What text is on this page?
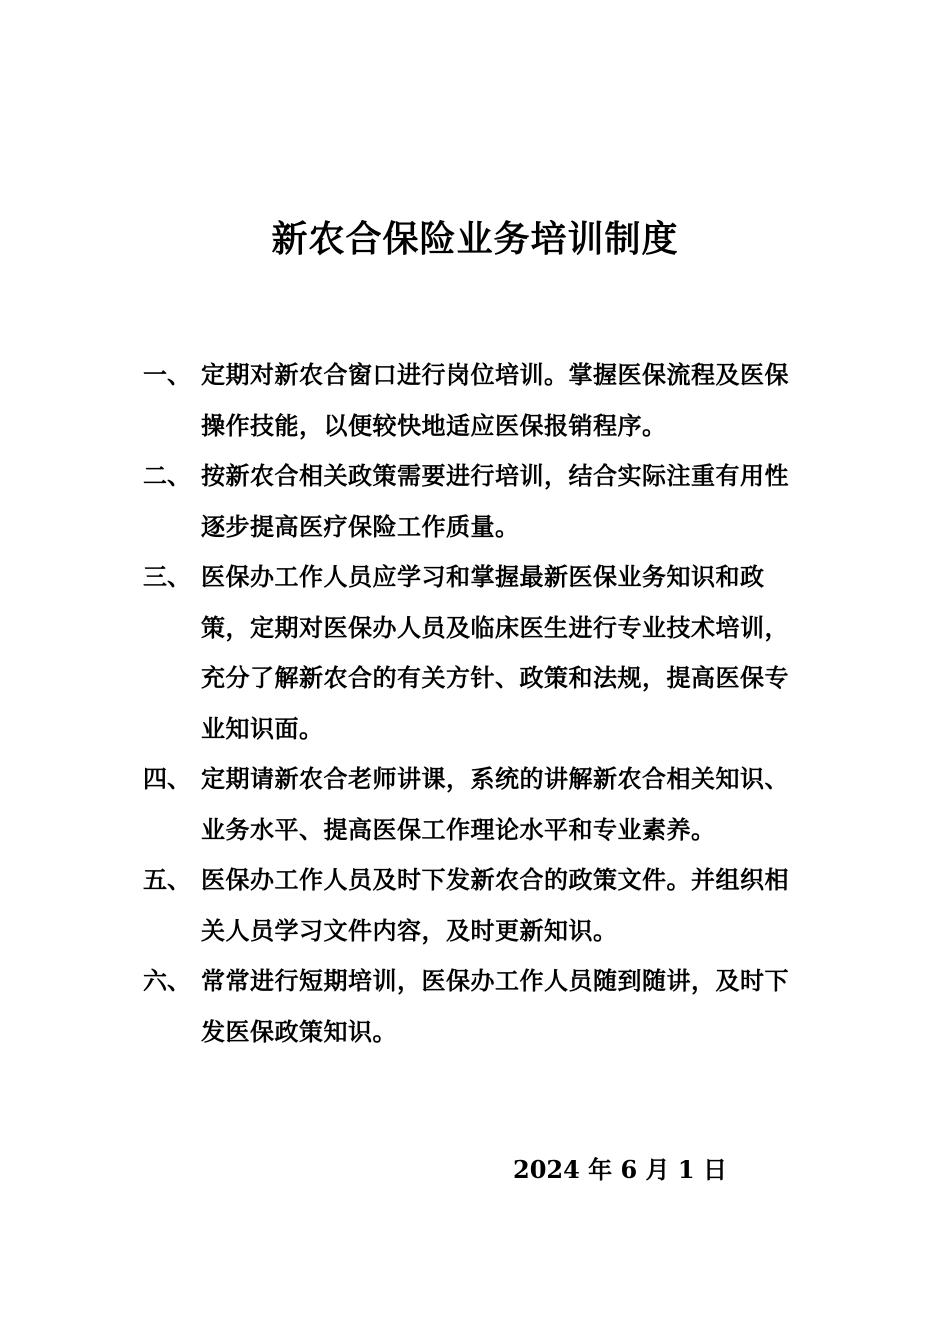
新农合保险业务培训制度
一、 定期对新农合窗口进行岗位培训。掌握医保流程及医保操作技能，以便较快地适应医保报销程序。
二、 按新农合相关政策需要进行培训，结合实际注重有用性逐步提高医疗保险工作质量。
三、 医保办工作人员应学习和掌握最新医保业务知识和政策，定期对医保办人员及临床医生进行专业技术培训，充分了解新农合的有关方针、政策和法规，提高医保专业知识面。
四、 定期请新农合老师讲课，系统的讲解新农合相关知识、业务水平、提高医保工作理论水平和专业素养。
五、 医保办工作人员及时下发新农合的政策文件。并组织相关人员学习文件内容，及时更新知识。
六、 常常进行短期培训，医保办工作人员随到随讲，及时下发医保政策知识。
2024 年 6 月 1 日
